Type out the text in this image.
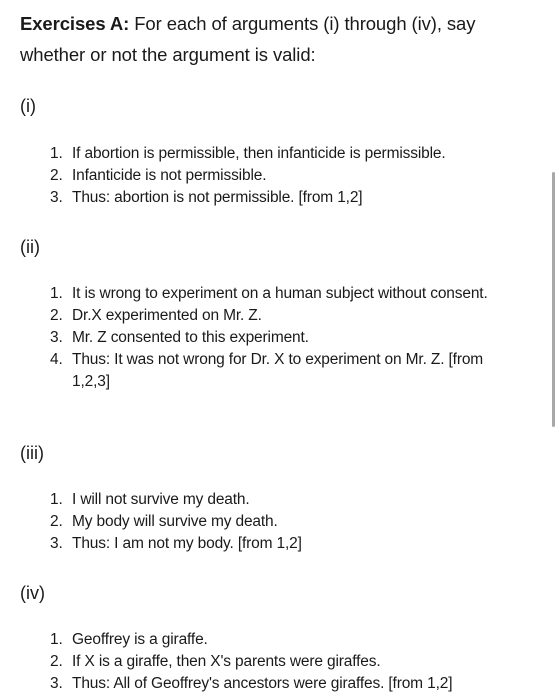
Exercises A: For each of arguments (i) through (iv), say whether or not the argument is valid:
(i)
1. If abortion is permissible, then infanticide is permissible.
2. Infanticide is not permissible.
3. Thus: abortion is not permissible. [from 1,2]
(ii)
1. It is wrong to experiment on a human subject without consent.
2. Dr.X experimented on Mr. Z.
3. Mr. Z consented to this experiment.
4. Thus: It was not wrong for Dr. X to experiment on Mr. Z. [from 1,2,3]
(iii)
1. I will not survive my death.
2. My body will survive my death.
3. Thus: I am not my body. [from 1,2]
(iv)
1. Geoffrey is a giraffe.
2. If X is a giraffe, then X's parents were giraffes.
3. Thus: All of Geoffrey's ancestors were giraffes. [from 1,2]
